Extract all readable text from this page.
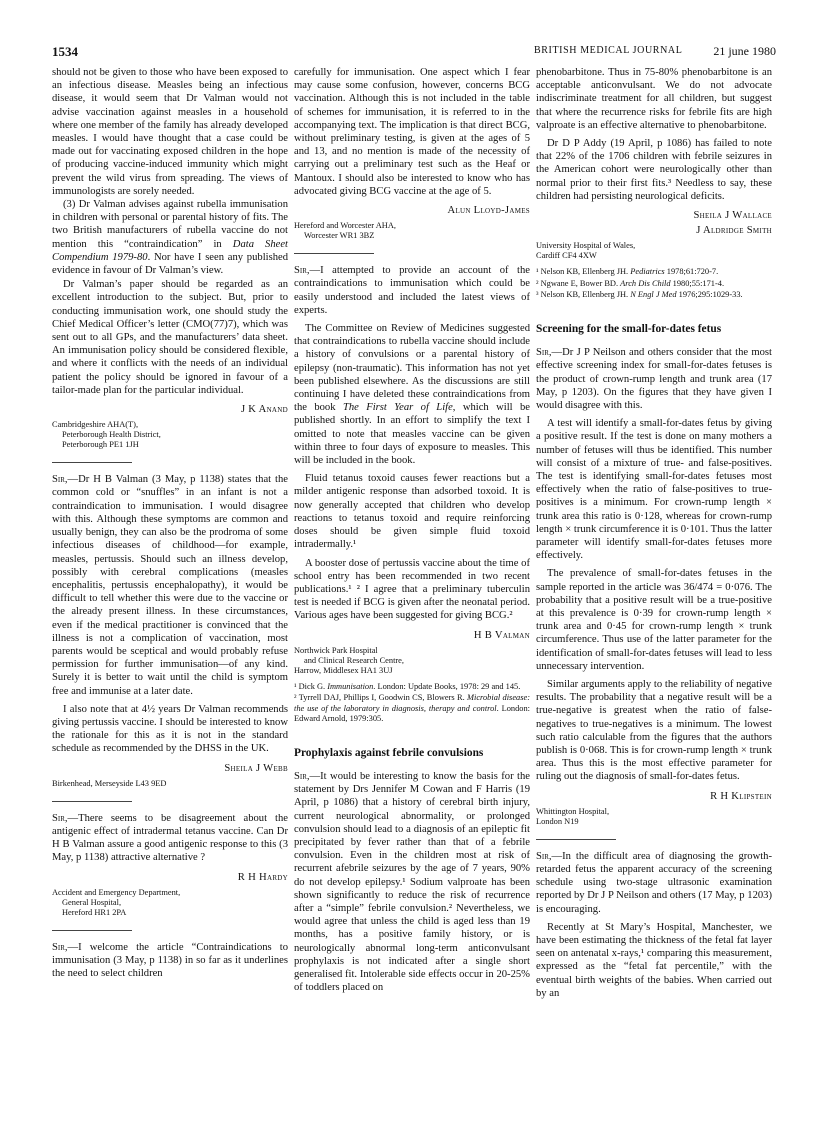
1534	BRITISH MEDICAL JOURNAL	21 june 1980

should not be given to those who have been exposed to an infectious disease. Measles being an infectious disease, it would seem that Dr Valman would not advise vaccination against measles in a household where one member of the family has already developed measles. I would have thought that a case could be made out for vaccinating exposed children in the hope of producing vaccine-induced immunity which might prevent the wild virus from spreading. The views of immunologists are sorely needed.

(3) Dr Valman advises against rubella immunisation in children with personal or parental history of fits. The two British manufacturers of rubella vaccine do not mention this “contraindication” in Data Sheet Compendium 1979-80. Nor have I seen any published evidence in favour of Dr Valman’s view.

Dr Valman’s paper should be regarded as an excellent introduction to the subject. But, prior to conducting immunisation work, one should study the Chief Medical Officer’s letter (CMO(77)7), which was sent out to all GPs, and the manufacturers’ data sheet. An immunisation policy should be considered flexible, and where it conflicts with the needs of an individual patient the policy should be ignored in favour of a tailor-made plan for the particular individual.

J K Anand

Cambridgeshire AHA(T),
Peterborough Health District,
Peterborough PE1 1JH

Sir,—Dr H B Valman (3 May, p 1138) states that the common cold or “snuffles” in an infant is not a contraindication to immunisation. I would disagree with this. Although these symptoms are common and usually benign, they can also be the prodroma of some infectious diseases of childhood—for example, measles, pertussis. Should such an illness develop, possibly with cerebral complications (measles encephalitis, pertussis encephalopathy), it would be difficult to tell whether this were due to the vaccine or the already present illness. In these circumstances, even if the medical practitioner is convinced that the illness is not a complication of vaccination, most parents would be sceptical and would probably refuse permission for further immunisation—of any kind. Surely it is better to wait until the child is symptom free and immunise at a later date.

I also note that at 4½ years Dr Valman recommends giving pertussis vaccine. I should be interested to know the rationale for this as it is not in the standard schedule as recommended by the DHSS in the UK.

Sheila J Webb

Birkenhead, Merseyside L43 9ED

Sir,—There seems to be disagreement about the antigenic effect of intradermal tetanus vaccine. Can Dr H B Valman assure a good antigenic response to this (3 May, p 1138) attractive alternative ?

R H Hardy

Accident and Emergency Department,
General Hospital,
Hereford HR1 2PA

Sir,—I welcome the article “Contraindications to immunisation (3 May, p 1138) in so far as it underlines the need to select children

carefully for immunisation. One aspect which I fear may cause some confusion, however, concerns BCG vaccination. Although this is not included in the table of schemes for immunisation, it is referred to in the accompanying text. The implication is that direct BCG, without preliminary testing, is given at the ages of 5 and 13, and no mention is made of the necessity of carrying out a preliminary test such as the Heaf or Mantoux. I should also be interested to know who has advocated giving BCG vaccine at the age of 5.

Alun Lloyd-James

Hereford and Worcester AHA,
Worcester WR1 3BZ

Sir,—I attempted to provide an account of the contraindications to immunisation which could be easily understood and included the latest views of experts.

The Committee on Review of Medicines suggested that contraindications to rubella vaccine should include a history of convulsions or a parental history of epilepsy (non-traumatic). This information has not yet been published elsewhere. As the discussions are still continuing I have deleted these contraindications from the book The First Year of Life, which will be published shortly. In an effort to simplify the text I omitted to note that measles vaccine can be given within three to four days of exposure to measles. This will be included in the book.

Fluid tetanus toxoid causes fewer reactions but a milder antigenic response than adsorbed toxoid. It is now generally accepted that children who develop reactions to tetanus toxoid and require reinforcing doses should be given simple fluid toxoid intradermally.¹

A booster dose of pertussis vaccine about the time of school entry has been recommended in two recent publications.¹ ² I agree that a preliminary tuberculin test is needed if BCG is given after the neonatal period. Various ages have been suggested for giving BCG.²

H B Valman

Northwick Park Hospital
and Clinical Research Centre,
Harrow, Middlesex HA1 3UJ

¹ Dick G. Immunisation. London: Update Books, 1978: 29 and 145.

² Tyrrell DAJ, Phillips I, Goodwin CS, Blowers R. Microbial disease: the use of the laboratory in diagnosis, therapy and control. London: Edward Arnold, 1979:305.

Prophylaxis against febrile convulsions

Sir,—It would be interesting to know the basis for the statement by Drs Jennifer M Cowan and F Harris (19 April, p 1086) that a history of cerebral birth injury, current neurological abnormality, or prolonged convulsion should lead to a diagnosis of an epileptic fit precipitated by fever rather than that of a febrile convulsion. Even in the children most at risk of recurrent afebrile seizures by the age of 7 years, 90% do not develop epilepsy.¹ Sodium valproate has been shown significantly to reduce the risk of recurrence after a “simple” febrile convulsion.² Nevertheless, we would agree that unless the child is aged less than 19 months, has a positive family history, or is neurologically abnormal long-term anticonvulsant prophylaxis is not indicated after a single short generalised fit. Intolerable side effects occur in 20-25% of toddlers placed on

phenobarbitone. Thus in 75-80% phenobarbitone is an acceptable anticonvulsant. We do not advocate indiscriminate treatment for all children, but suggest that where the recurrence risks for febrile fits are high valproate is an effective alternative to phenobarbitone.

Dr D P Addy (19 April, p 1086) has failed to note that 22% of the 1706 children with febrile seizures in the American cohort were neurologically other than normal prior to their first fits.³ Needless to say, these children had persisting neurological deficits.

Sheila J Wallace

J Aldridge Smith

University Hospital of Wales,
Cardiff CF4 4XW

¹ Nelson KB, Ellenberg JH. Pediatrics 1978;61:720-7.

² Ngwane E, Bower BD. Arch Dis Child 1980;55:171-4.

³ Nelson KB, Ellenberg JH. N Engl J Med 1976;295:1029-33.

Screening for the small-for-dates fetus

Sir,—Dr J P Neilson and others consider that the most effective screening index for small-for-dates fetuses is the product of crown-rump length and trunk area (17 May, p 1203). On the figures that they have given I would disagree with this.

A test will identify a small-for-dates fetus by giving a positive result. If the test is done on many mothers a number of fetuses will thus be identified. This number will consist of a mixture of true- and false-positives. The test is identifying small-for-dates fetuses most effectively when the ratio of false-positives to true-positives is a minimum. For crown-rump length × trunk area this ratio is 0·128, whereas for crown-rump length × trunk circumference it is 0·101. Thus the latter parameter will identify small-for-dates fetuses more effectively.

The prevalence of small-for-dates fetuses in the sample reported in the article was 36/474 = 0·076. The probability that a positive result will be a true-positive at this prevalence is 0·39 for crown-rump length × trunk area and 0·45 for crown-rump length × trunk circumference. Thus use of the latter parameter for the identification of small-for-dates fetuses will lead to less unnecessary intervention.

Similar arguments apply to the reliability of negative results. The probability that a negative result will be a true-negative is greatest when the ratio of false-negatives to true-negatives is a minimum. The lowest such ratio calculable from the figures that the authors publish is 0·068. This is for crown-rump length × trunk area. Thus this is the most effective parameter for ruling out the diagnosis of small-for-dates fetus.

R H Klipstein

Whittington Hospital,
London N19

Sir,—In the difficult area of diagnosing the growth-retarded fetus the apparent accuracy of the screening schedule using two-stage ultrasonic examination reported by Dr J P Neilson and others (17 May, p 1203) is encouraging.

Recently at St Mary’s Hospital, Manchester, we have been estimating the thickness of the fetal fat layer seen on antenatal x-rays,¹ comparing this measurement, expressed as the “fetal fat percentile,” with the eventual birth weights of the babies. When carried out by an
